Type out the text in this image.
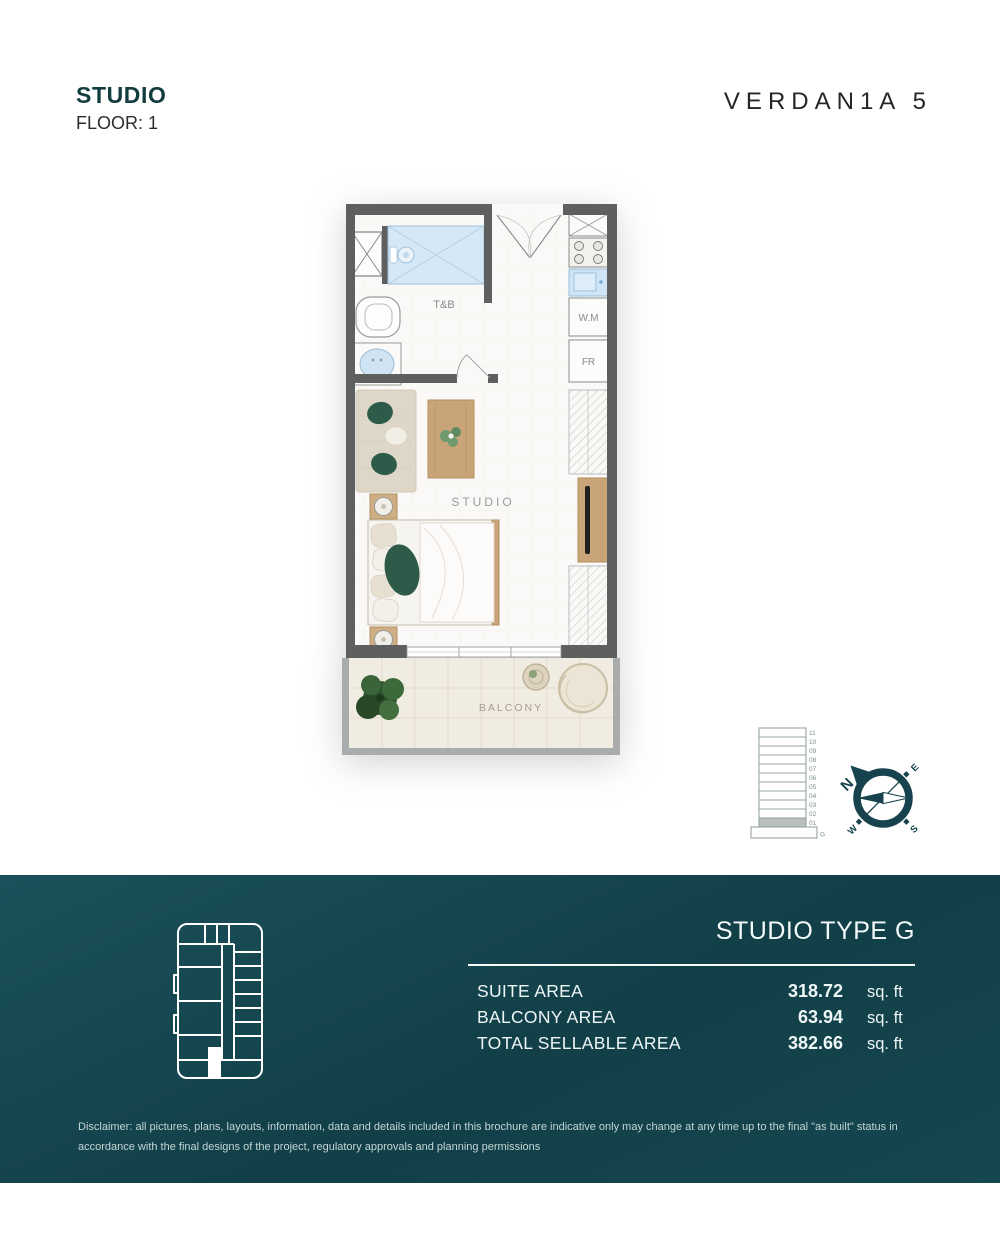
STUDIO
FLOOR: 1
VERDAN1A 5
BALCONY
T&B
W.M
FR
STUDIO
11
10
09
08
07
06
05
04
03
02
01
G
N
E
S
W
STUDIO TYPE G
SUITE AREA	318.72 sq. ft
BALCONY AREA	63.94 sq. ft
TOTAL SELLABLE AREA	382.66 sq. ft
Disclaimer: all pictures, plans, layouts, information, data and details included in this brochure are indicative only may change at any time up to the final "as built" status in accordance with the final designs of the project, regulatory approvals and planning permissions
